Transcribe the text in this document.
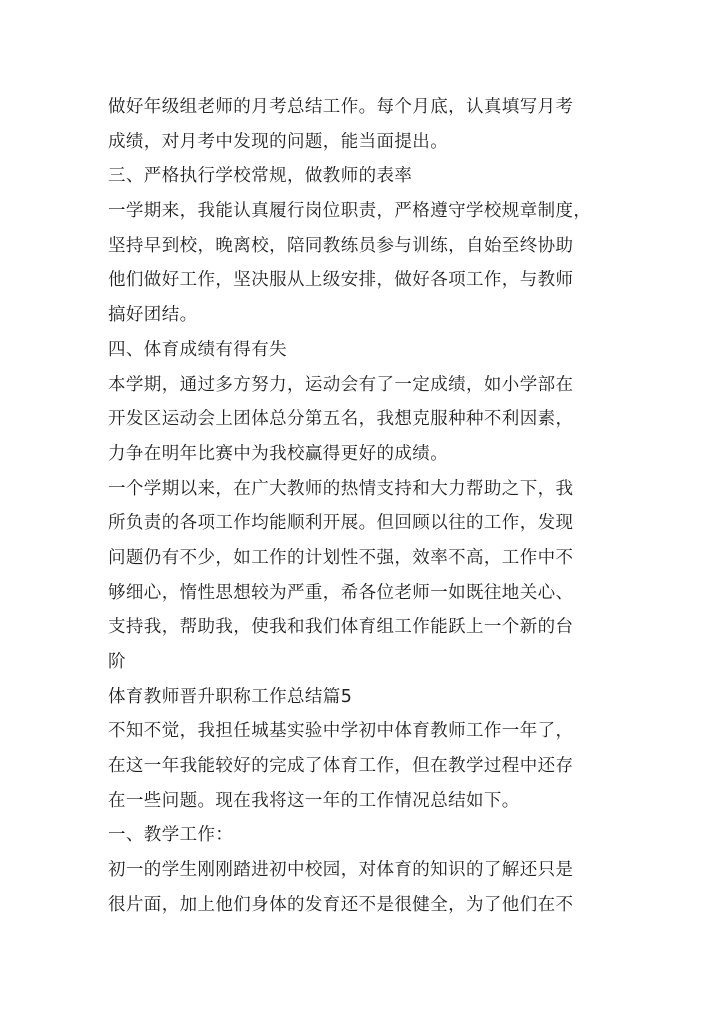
做好年级组老师的月考总结工作。每个月底，认真填写月考
成绩，对月考中发现的问题，能当面提出。
三、严格执行学校常规，做教师的表率
一学期来，我能认真履行岗位职责，严格遵守学校规章制度，
坚持早到校，晚离校，陪同教练员参与训练，自始至终协助
他们做好工作，坚决服从上级安排，做好各项工作，与教师
搞好团结。
四、体育成绩有得有失
本学期，通过多方努力，运动会有了一定成绩，如小学部在
开发区运动会上团体总分第五名，我想克服种种不利因素，
力争在明年比赛中为我校赢得更好的成绩。
一个学期以来，在广大教师的热情支持和大力帮助之下，我
所负责的各项工作均能顺利开展。但回顾以往的工作，发现
问题仍有不少，如工作的计划性不强，效率不高，工作中不
够细心，惰性思想较为严重，希各位老师一如既往地关心、
支持我，帮助我，使我和我们体育组工作能跃上一个新的台
阶
体育教师晋升职称工作总结篇5
不知不觉，我担任城基实验中学初中体育教师工作一年了，
在这一年我能较好的完成了体育工作，但在教学过程中还存
在一些问题。现在我将这一年的工作情况总结如下。
一、教学工作：
初一的学生刚刚踏进初中校园，对体育的知识的了解还只是
很片面，加上他们身体的发育还不是很健全，为了他们在不
